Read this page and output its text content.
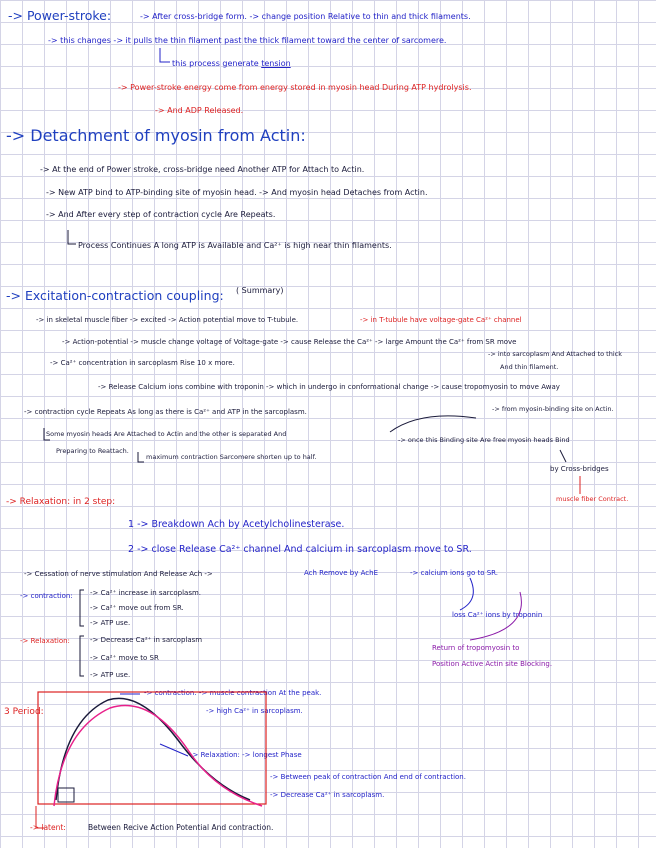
-> Power-stroke:	-> After cross-bridge form. -> change position Relative to thin and thick filaments.
-> this changes -> it pulls the thin filament past the thick filament toward the center of sarcomere.
this process generate tension
-> Power-stroke energy come from energy stored in myosin head During ATP hydrolysis.
-> And ADP Released.
-> Detachment of myosin from Actin:
-> At the end of Power stroke, cross-bridge need Another ATP for Attach to Actin.
-> New ATP bind to ATP-binding site of myosin head. -> And myosin head Detaches from Actin.
-> And After every step of contraction cycle Are Repeats.
Process Continues A long ATP is Available and Ca²⁺ is high near thin filaments.
-> Excitation-contraction coupling: ( Summary)
-> in skeletal muscle fiber -> excited -> Action potential move to T-tubule.	-> in T-tubule have voltage-gate Ca²⁺ channel
-> Action-potential -> muscle change voltage of Voltage-gate -> cause Release the Ca²⁺ -> large Amount the Ca²⁺ from SR move
-> Ca²⁺ concentration in sarcoplasm Rise 10 x more.
-> into sarcoplasm And Attached to thick
And thin filament.
-> Release Calcium ions combine with troponin -> which in undergo in conformational change -> cause tropomyosin to move Away
-> from myosin-binding site on Actin.
-> contraction cycle Repeats As long as there is Ca²⁺ and ATP in the sarcoplasm.
Some myosin heads Are Attached to Actin and the other is separated And
Preparing to Reattach.
maximum contraction Sarcomere shorten up to half.
-> once this Binding site Are free myosin heads Bind
by Cross-bridges
muscle fiber Contract.
-> Relaxation: in 2 step:
1 -> Breakdown Ach by Acetylcholinesterase.
2 -> close Release Ca²⁺ channel And calcium in sarcoplasm move to SR.
-> Cessation of nerve stimulation And Release Ach ->	Ach Remove by AchE	-> calcium ions go to SR.
-> contraction: -> Ca²⁺ increase in sarcoplasm.
-> Ca²⁺ move out from SR.
-> ATP use.
-> Relaxation:	-> Decrease Ca²⁺ in sarcoplasm
-> Ca²⁺ move to SR
-> ATP use.
loss Ca²⁺ ions by troponin
Return of tropomyosin to
Position Active Actin site Blocking.
3 Period:
-> contraction: -> muscle contraction At the peak.
-> high Ca²⁺ in sarcoplasm.
-> Relaxation: -> longest Phase
-> Between peak of contraction And end of contraction.
-> Decrease Ca²⁺ in sarcoplasm.
-> latent:	Between Recive Action Potential And contraction.
